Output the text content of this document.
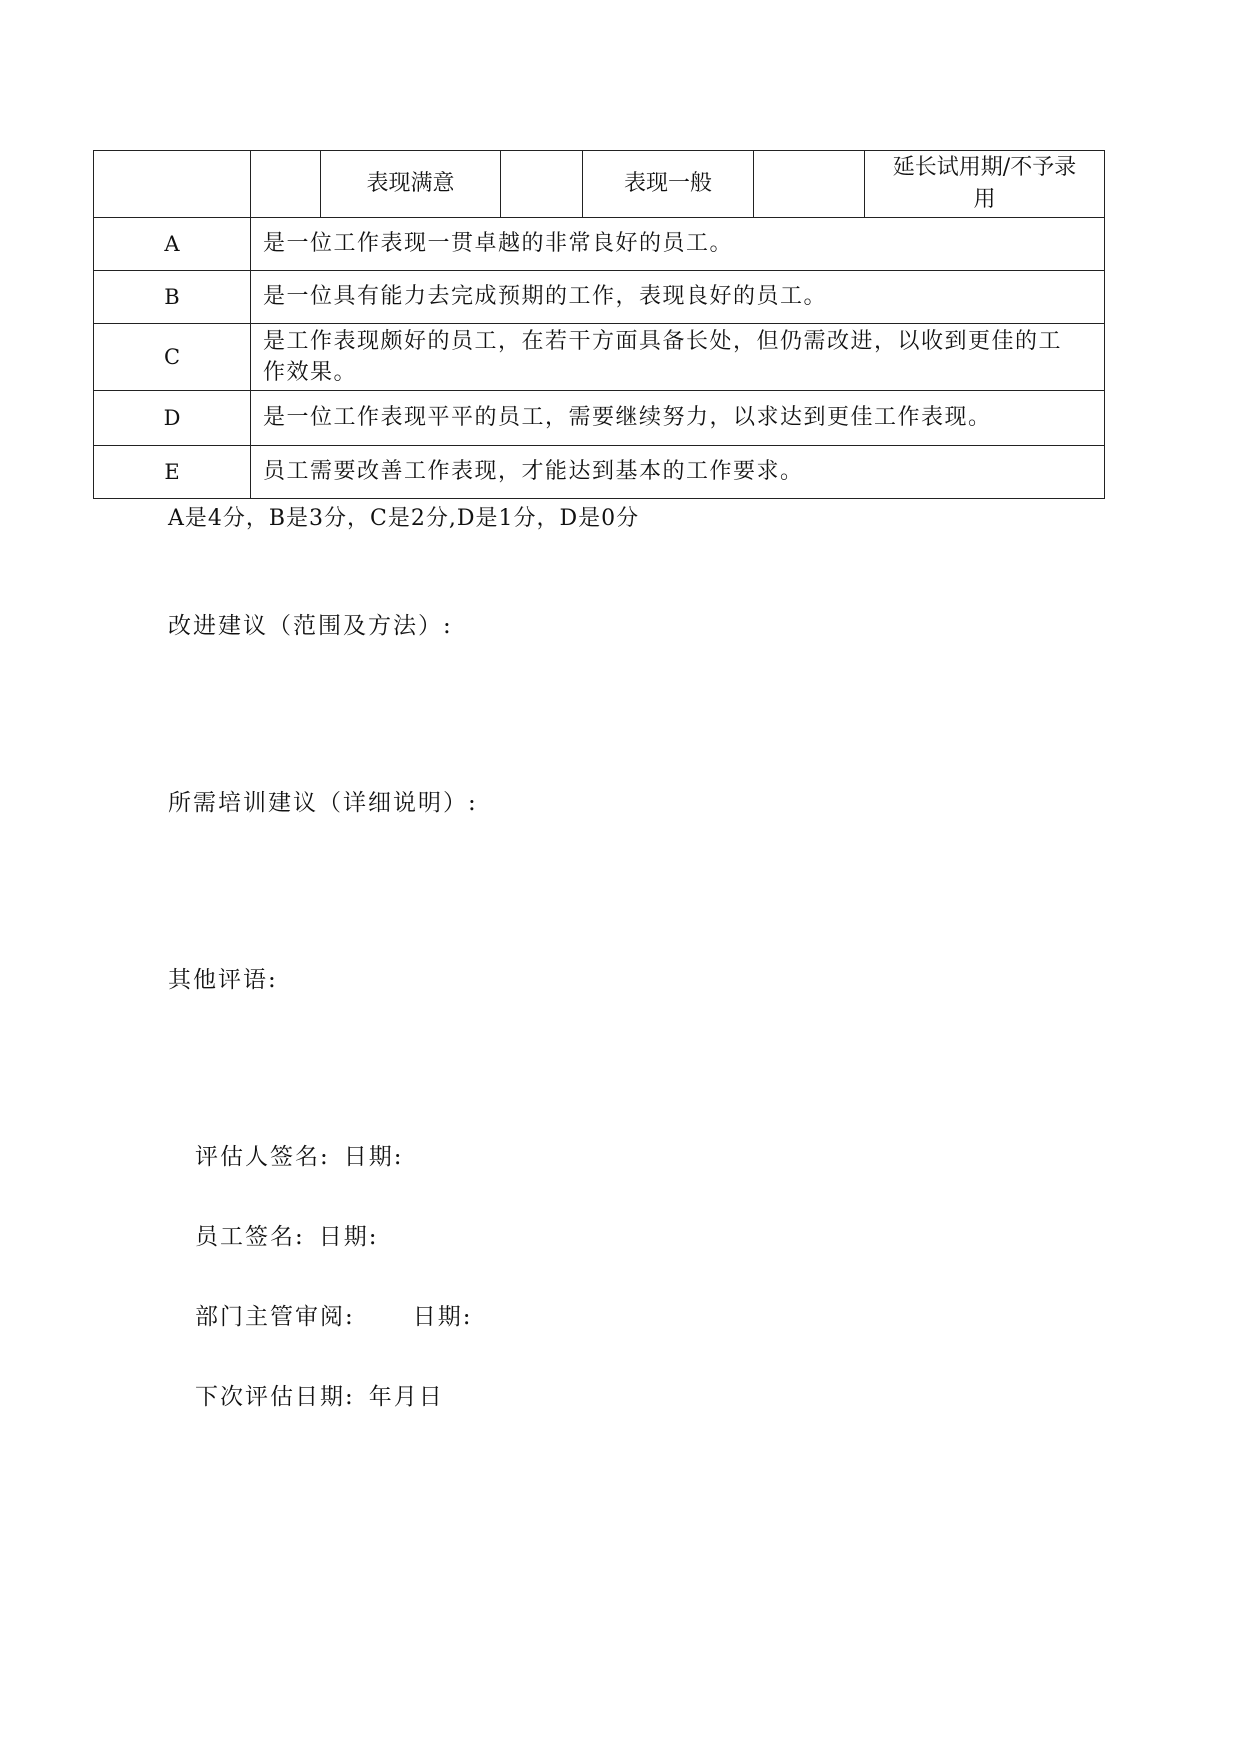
		表现满意		表现一般		延长试用期/不予录
用

A	是一位工作表现一贯卓越的非常良好的员工。					
B	是一位具有能力去完成预期的工作，表现良好的员工。					
C	是工作表现颇好的员工，在若干方面具备长处，但仍需改进，以收到更佳的工
作效果。					

D	是一位工作表现平平的员工，需要继续努力，以求达到更佳工作表现。					
E	员工需要改善工作表现，才能达到基本的工作要求。					
A是4分，B是3分，C是2分,D是1分，D是0分
改进建议（范围及方法）:
所需培训建议（详细说明）:
其他评语:
评估人签名: 日期:
员工签名: 日期:
部门主管审阅:	日期:
下次评估日期: 年月日
